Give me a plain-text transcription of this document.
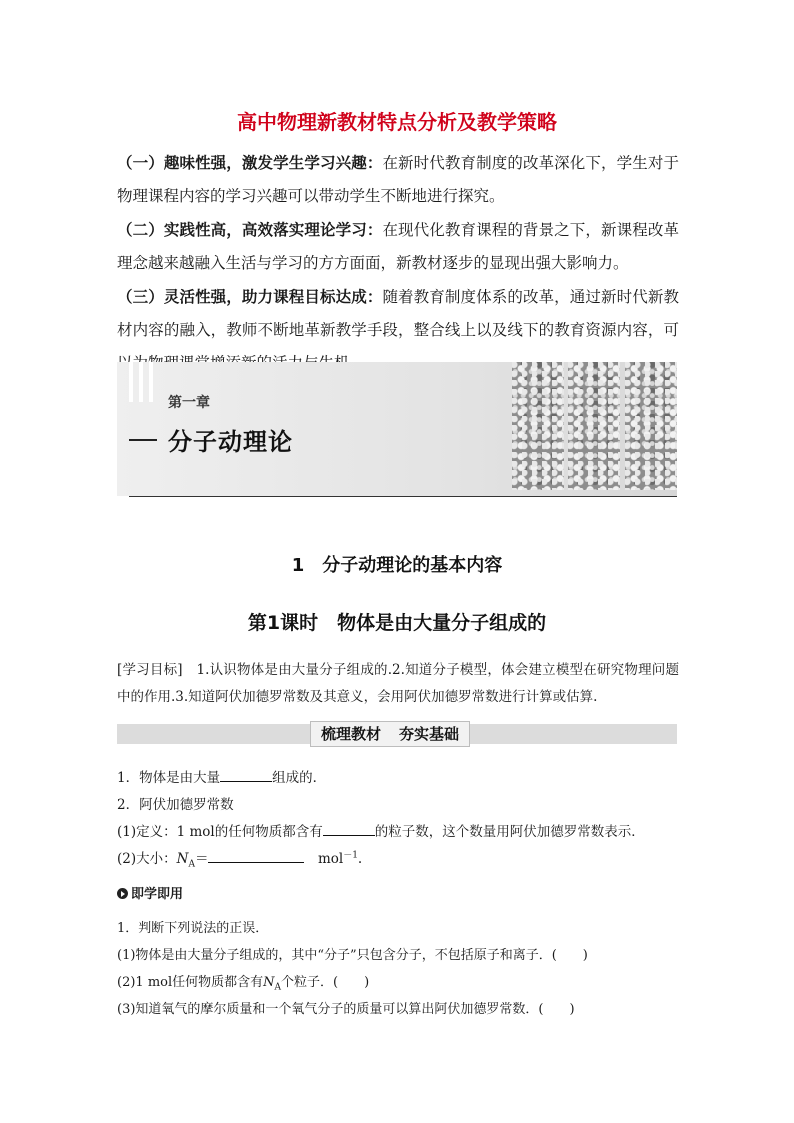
高中物理新教材特点分析及教学策略

（一）趣味性强，激发学生学习兴趣：在新时代教育制度的改革深化下，学生对于物理课程内容的学习兴趣可以带动学生不断地进行探究。

（二）实践性高，高效落实理论学习：在现代化教育课程的背景之下，新课程改革理念越来越融入生活与学习的方方面面，新教材逐步的显现出强大影响力。

（三）灵活性强，助力课程目标达成：随着教育制度体系的改革，通过新时代新教材内容的融入，教师不断地革新教学手段，整合线上以及线下的教育资源内容，可

第一章
分子动理论
1　分子动理论的基本内容
第1课时　物体是由大量分子组成的
[学习目标]　 1.认识物体是由大量分子组成的.2.知道分子模型，体会建立模型在研究物理问题中的作用.3.知道阿伏加德罗常数及其意义，会用阿伏加德罗常数进行计算或估算.
梳理教材 夯实基础
1．物体是由大量	组成的．
2．阿伏加德罗常数
(1)定义：1 mol的任何物质都含有	的粒子数，这个数量用阿伏加德罗常数表示．
(2)大小：$N_A=$　	mol$^{-1}$.
即学即用
1．判断下列说法的正误．
(1)物体是由大量分子组成的，其中“分子”只包含分子，不包括原子和离子．(　　)
(2)1 mol任何物质都含有$N_A$个粒子．(　　)
(3)知道氧气的摩尔质量和一个氧气分子的质量可以算出阿伏加德罗常数．(　　)
